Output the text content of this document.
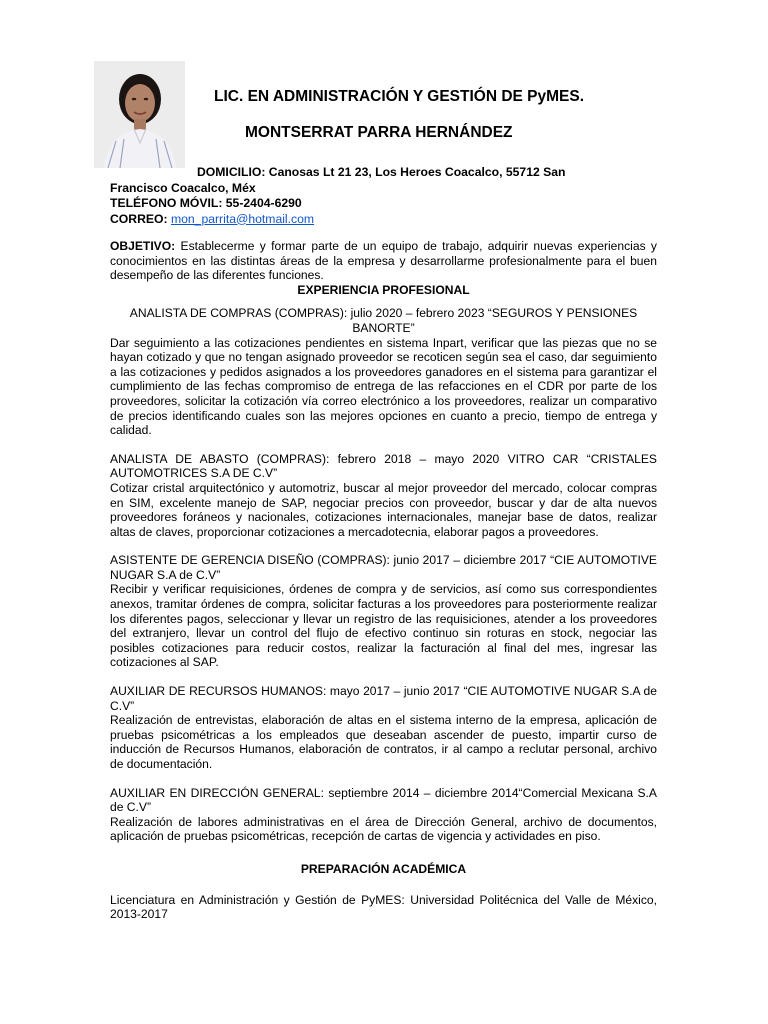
LIC. EN ADMINISTRACIÓN Y GESTIÓN DE PyMES.
MONTSERRAT PARRA HERNÁNDEZ
DOMICILIO: Canosas Lt 21 23, Los Heroes Coacalco, 55712 San
Francisco Coacalco, Méx
TELÉFONO MÓVIL: 55-2404-6290
CORREO: mon_parrita@hotmail.com

OBJETIVO: Establecerme y formar parte de un equipo de trabajo, adquirir nuevas experiencias y conocimientos en las distintas áreas de la empresa y desarrollarme profesionalmente para el buen desempeño de las diferentes funciones.

EXPERIENCIA PROFESIONAL

ANALISTA DE COMPRAS (COMPRAS): julio 2020 – febrero 2023 “SEGUROS Y PENSIONES BANORTE”

Dar seguimiento a las cotizaciones pendientes en sistema Inpart, verificar que las piezas que no se hayan cotizado y que no tengan asignado proveedor se recoticen según sea el caso, dar seguimiento a las cotizaciones y pedidos asignados a los proveedores ganadores en el sistema para garantizar el cumplimiento de las fechas compromiso de entrega de las refacciones en el CDR por parte de los proveedores, solicitar la cotización vía correo electrónico a los proveedores, realizar un comparativo de precios identificando cuales son las mejores opciones en cuanto a precio, tiempo de entrega y calidad.

ANALISTA DE ABASTO (COMPRAS): febrero 2018 – mayo 2020 VITRO CAR “CRISTALES AUTOMOTRICES S.A DE C.V”

Cotizar cristal arquitectónico y automotriz, buscar al mejor proveedor del mercado, colocar compras en SIM, excelente manejo de SAP, negociar precios con proveedor, buscar y dar de alta nuevos proveedores foráneos y nacionales, cotizaciones internacionales, manejar base de datos, realizar altas de claves, proporcionar cotizaciones a mercadotecnia, elaborar pagos a proveedores.

ASISTENTE DE GERENCIA DISEÑO (COMPRAS): junio 2017 – diciembre 2017 “CIE AUTOMOTIVE NUGAR S.A de C.V”

Recibir y verificar requisiciones, órdenes de compra y de servicios, así como sus correspondientes anexos, tramitar órdenes de compra, solicitar facturas a los proveedores para posteriormente realizar los diferentes pagos, seleccionar y llevar un registro de las requisiciones, atender a los proveedores del extranjero, llevar un control del flujo de efectivo continuo sin roturas en stock, negociar las posibles cotizaciones para reducir costos, realizar la facturación al final del mes, ingresar las cotizaciones al SAP.

AUXILIAR DE RECURSOS HUMANOS: mayo 2017 – junio 2017 “CIE AUTOMOTIVE NUGAR S.A de C.V”

Realización de entrevistas, elaboración de altas en el sistema interno de la empresa, aplicación de pruebas psicométricas a los empleados que deseaban ascender de puesto, impartir curso de inducción de Recursos Humanos, elaboración de contratos, ir al campo a reclutar personal, archivo de documentación.

AUXILIAR EN DIRECCIÓN GENERAL: septiembre 2014 – diciembre 2014“Comercial Mexicana S.A de C.V”

Realización de labores administrativas en el área de Dirección General, archivo de documentos, aplicación de pruebas psicométricas, recepción de cartas de vigencia y actividades en piso.

PREPARACIÓN ACADÉMICA

Licenciatura en Administración y Gestión de PyMES: Universidad Politécnica del Valle de México, 2013-2017
